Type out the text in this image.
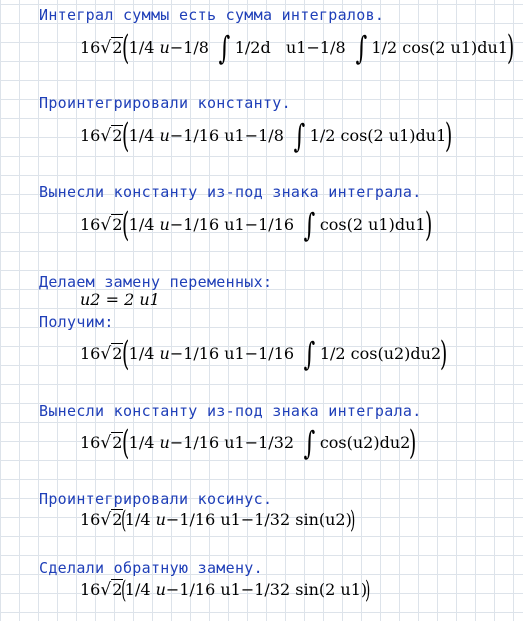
Интеграл суммы есть сумма интегралов.
16 √2 (
1/4 u −1/8 ∫ 1/2d   u1−1/8 ∫ 1/2 cos(2 u1)du1
)
Проинтегрировали константу.
16 √2 (
1/4 u −1/16 u1−1/8 ∫ 1/2 cos(2 u1)du1
)
Вынесли константу из-под знака интеграла.
16 √2 (
1/4 u −1/16 u1−1/16 ∫ cos(2 u1)du1
)
Делаем замену переменных:
u2 = 2 u1
Получим:
16 √2 (
1/4 u −1/16 u1−1/16 ∫ 1/2 cos(u2)du2
)
Вынесли константу из-под знака интеграла.
16 √2 (
1/4 u −1/16 u1−1/32 ∫ cos(u2)du2
)
Проинтегрировали косинус.
16 √2 (
1/4 u −1/16 u1−1/32 sin(u2)
)
Сделали обратную замену.
16 √2 (
1/4 u −1/16 u1−1/32 sin(2 u1)
)
